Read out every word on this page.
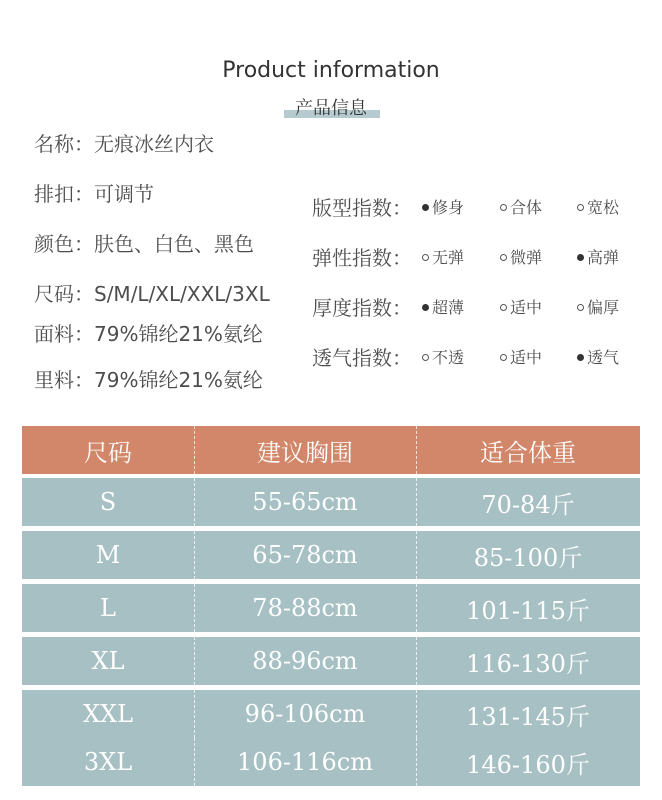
Product information
产品信息
名称：无痕冰丝内衣
排扣：可调节
颜色：肤色、白色、黑色
尺码：S/M/L/XL/XXL/3XL
面料：79%锦纶21%氨纶
里料：79%锦纶21%氨纶
版型指数：	修身	合体	宽松
弹性指数：	无弹	微弹	高弹
厚度指数：	超薄	适中	偏厚
透气指数：	不透	适中	透气
尺码	建议胸围	适合体重
S	55-65cm	70-84斤
M	65-78cm	85-100斤
L	78-88cm	101-115斤
XL	88-96cm	116-130斤
XXL	96-106cm	131-145斤
3XL	106-116cm	146-160斤
